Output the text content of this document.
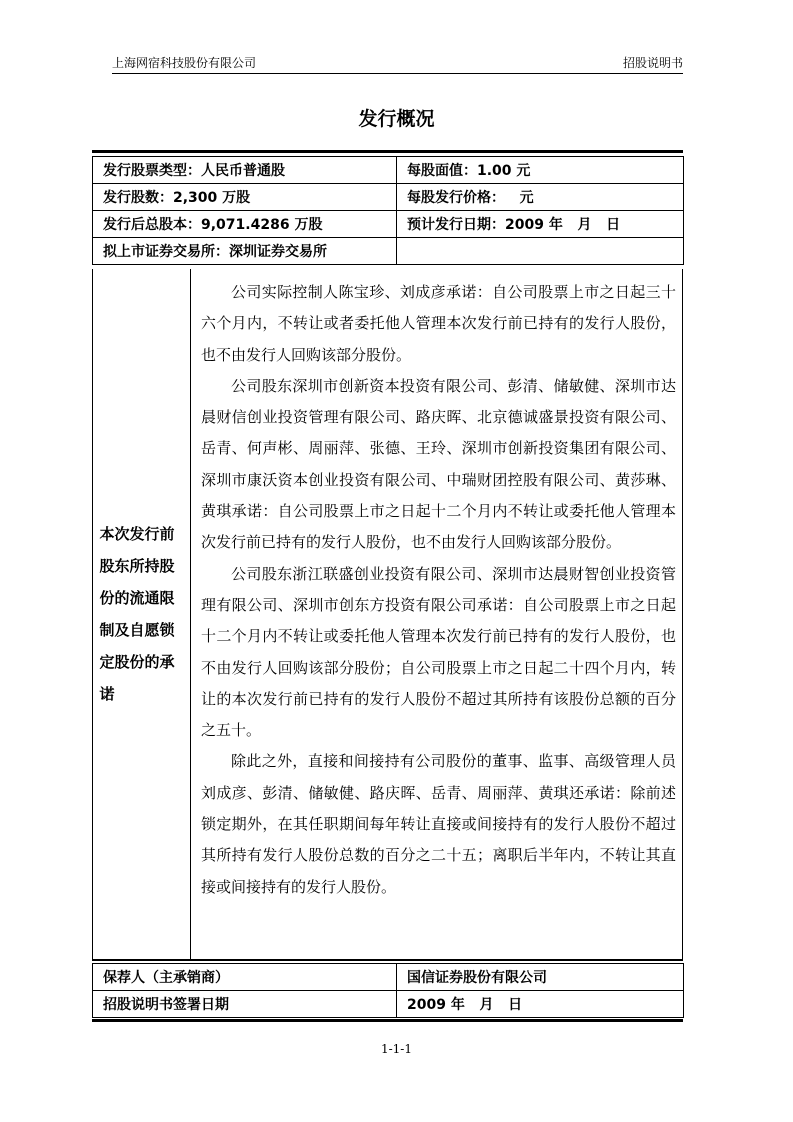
上海网宿科技股份有限公司	招股说明书
发行概况
发行股票类型：人民币普通股	每股面值：1.00 元
发行股数：2,300 万股	每股发行价格：   元
发行后总股本：9,071.4286 万股	预计发行日期：2009 年   月   日
拟上市证券交易所：深圳证券交易所	
本次发行前股东所持股份的流通限制及自愿锁定股份的承诺

公司实际控制人陈宝珍、刘成彦承诺：自公司股票上市之日起三十六个月内，不转让或者委托他人管理本次发行前已持有的发行人股份，也不由发行人回购该部分股份。

公司股东深圳市创新资本投资有限公司、彭清、储敏健、深圳市达晨财信创业投资管理有限公司、路庆晖、北京德诚盛景投资有限公司、岳青、何声彬、周丽萍、张德、王玲、深圳市创新投资集团有限公司、深圳市康沃资本创业投资有限公司、中瑞财团控股有限公司、黄莎琳、黄琪承诺：自公司股票上市之日起十二个月内不转让或委托他人管理本次发行前已持有的发行人股份，也不由发行人回购该部分股份。

公司股东浙江联盛创业投资有限公司、深圳市达晨财智创业投资管理有限公司、深圳市创东方投资有限公司承诺：自公司股票上市之日起十二个月内不转让或委托他人管理本次发行前已持有的发行人股份，也不由发行人回购该部分股份；自公司股票上市之日起二十四个月内，转让的本次发行前已持有的发行人股份不超过其所持有该股份总额的百分之五十。

除此之外，直接和间接持有公司股份的董事、监事、高级管理人员刘成彦、彭清、储敏健、路庆晖、岳青、周丽萍、黄琪还承诺：除前述锁定期外，在其任职期间每年转让直接或间接持有的发行人股份不超过其所持有发行人股份总数的百分之二十五；离职后半年内，不转让其直接或间接持有的发行人股份。

保荐人（主承销商）	国信证券股份有限公司
招股说明书签署日期	2009 年   月   日
1-1-1
